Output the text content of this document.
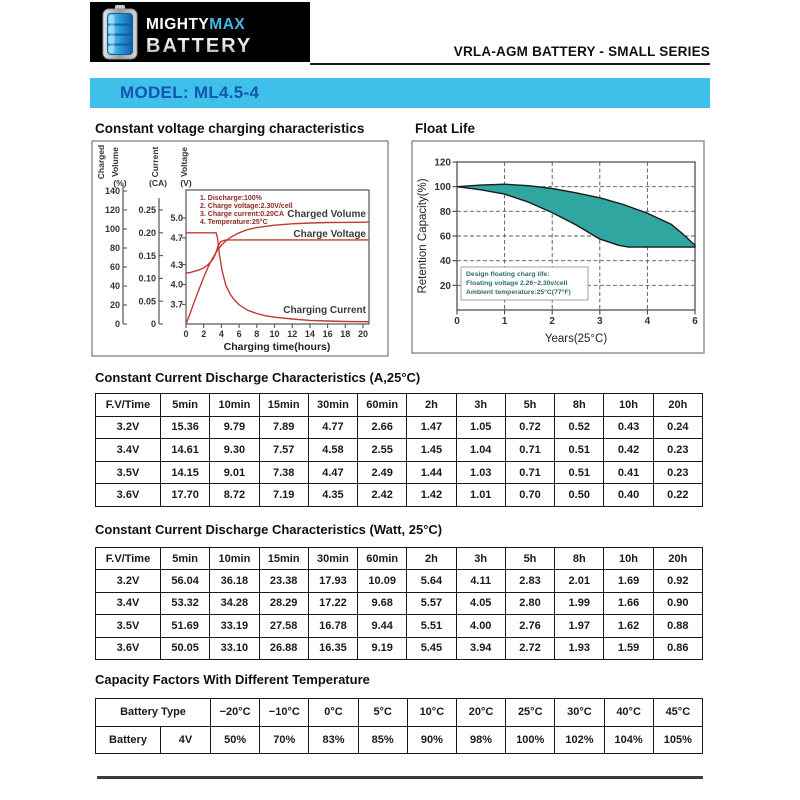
MIGHTYMAX
BATTERY	VRLA-AGM BATTERY - SMALL SERIES
MODEL: ML4.5-4
Constant voltage charging characteristics	Float Life
Charged Volume
(%)
Current
(CA)
Voltage
(V)
0
20
40
60
80
100
120
140
0
0.05
0.10
0.15
0.20
0.25
3.7
4.0
4.3
4.7
5.0
0 2 4 6 8 10 12 14 16 18 20
Charging time(hours)
1. Discharge:100%
2. Charge voltage:2.30V/cell
3. Charge current:0.20CA
4. Temperature:25°C
Charged Volume
Charge Voltage
Charging Current
Retention Capacity(%)	Design floating charg life:
Floating voltage 2.26~2.30v/cell
Ambient temperature:25°C(77°F)
20
40
60
80
100
120
0	1	2	3	4	6
Years(25°C)
Constant Current Discharge Characteristics (A,25°C)
F.V/Time	5min	10min	15min	30min	60min	2h	3h	5h	8h	10h	20h
3.2V	15.36	9.79	7.89	4.77	2.66	1.47	1.05	0.72	0.52	0.43	0.24
3.4V	14.61	9.30	7.57	4.58	2.55	1.45	1.04	0.71	0.51	0.42	0.23
3.5V	14.15	9.01	7.38	4.47	2.49	1.44	1.03	0.71	0.51	0.41	0.23
3.6V	17.70	8.72	7.19	4.35	2.42	1.42	1.01	0.70	0.50	0.40	0.22
Constant Current Discharge Characteristics (Watt, 25°C)
F.V/Time	5min	10min	15min	30min	60min	2h	3h	5h	8h	10h	20h
3.2V	56.04	36.18	23.38	17.93	10.09	5.64	4.11	2.83	2.01	1.69	0.92
3.4V	53.32	34.28	28.29	17.22	9.68	5.57	4.05	2.80	1.99	1.66	0.90
3.5V	51.69	33.19	27.58	16.78	9.44	5.51	4.00	2.76	1.97	1.62	0.88
3.6V	50.05	33.10	26.88	16.35	9.19	5.45	3.94	2.72	1.93	1.59	0.86
Capacity Factors With Different Temperature
Battery Type		−20°C	−10°C	0°C	5°C	10°C	20°C	25°C	30°C	40°C	45°C
Battery	4V	50%	70%	83%	85%	90%	98%	100%	102%	104%	105%
